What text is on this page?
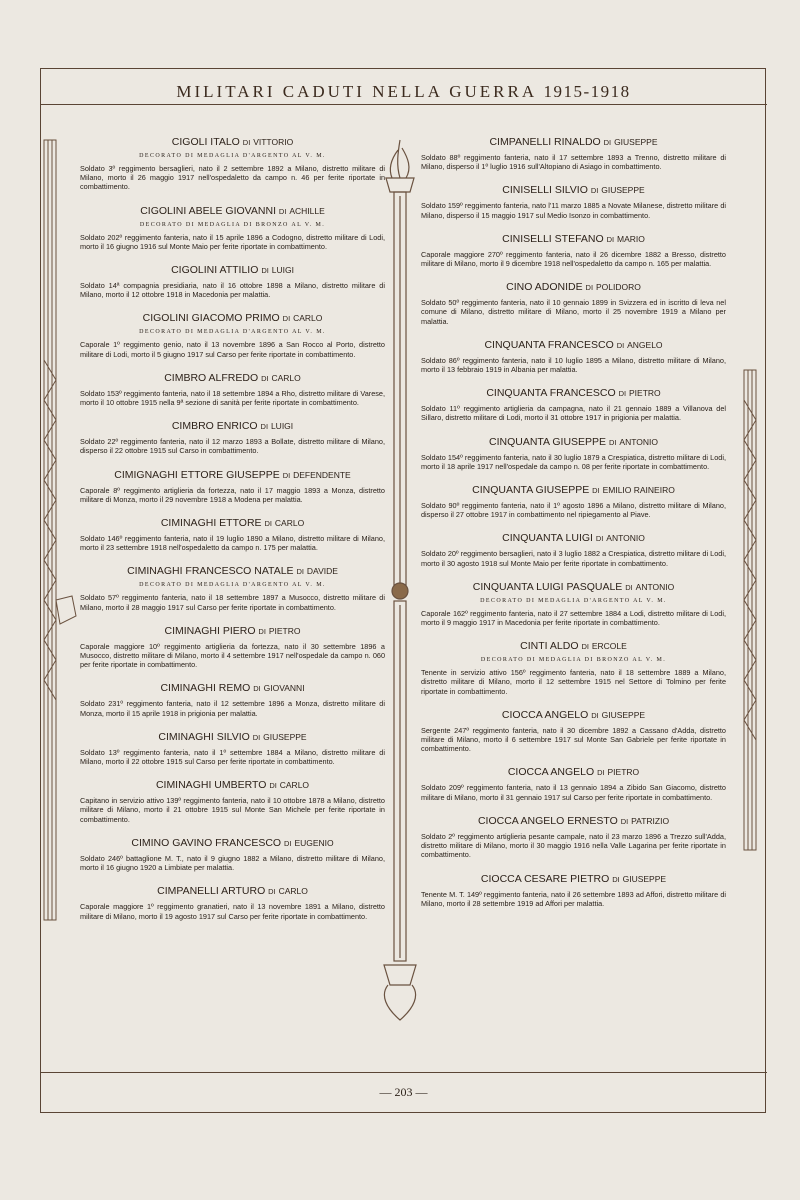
MILITARI CADUTI NELLA GUERRA 1915-1918

CIGOLI ITALO DI VITTORIO

DECORATO DI MEDAGLIA D'ARGENTO AL V. M.

Soldato 3º reggimento bersaglieri, nato il 2 settembre 1892 a Milano, distretto militare di Milano, morto il 26 maggio 1917 nell'ospedaletto da campo n. 46 per ferite riportate in combattimento.

CIGOLINI ABELE GIOVANNI DI ACHILLE

DECORATO DI MEDAGLIA DI BRONZO AL V. M.

Soldato 202º reggimento fanteria, nato il 15 aprile 1896 a Codogno, distretto militare di Lodi, morto il 16 giugno 1916 sul Monte Maio per ferite riportate in combattimento.

CIGOLINI ATTILIO DI LUIGI

Soldato 14ª compagnia presidiaria, nato il 16 ottobre 1898 a Milano, distretto militare di Milano, morto il 12 ottobre 1918 in Macedonia per malattia.

CIGOLINI GIACOMO PRIMO DI CARLO

DECORATO DI MEDAGLIA D'ARGENTO AL V. M.

Caporale 1º reggimento genio, nato il 13 novembre 1896 a San Rocco al Porto, distretto militare di Lodi, morto il 5 giugno 1917 sul Carso per ferite riportate in combattimento.

CIMBRO ALFREDO DI CARLO

Soldato 153º reggimento fanteria, nato il 18 settembre 1894 a Rho, distretto militare di Varese, morto il 10 ottobre 1915 nella 9ª sezione di sanità per ferite riportate in combattimento.

CIMBRO ENRICO DI LUIGI

Soldato 22º reggimento fanteria, nato il 12 marzo 1893 a Bollate, distretto militare di Milano, disperso il 22 ottobre 1915 sul Carso in combattimento.

CIMIGNAGHI ETTORE GIUSEPPE DI DEFENDENTE

Caporale 8º reggimento artiglieria da fortezza, nato il 17 maggio 1893 a Monza, distretto militare di Monza, morto il 29 novembre 1918 a Modena per malattia.

CIMINAGHI ETTORE DI CARLO

Soldato 146º reggimento fanteria, nato il 19 luglio 1890 a Milano, distretto militare di Milano, morto il 23 settembre 1918 nell'ospedaletto da campo n. 175 per malattia.

CIMINAGHI FRANCESCO NATALE DI DAVIDE

DECORATO DI MEDAGLIA D'ARGENTO AL V. M.

Soldato 57º reggimento fanteria, nato il 18 settembre 1897 a Musocco, distretto militare di Milano, morto il 28 maggio 1917 sul Carso per ferite riportate in combattimento.

CIMINAGHI PIERO DI PIETRO

Caporale maggiore 10º reggimento artiglieria da fortezza, nato il 30 settembre 1896 a Musocco, distretto militare di Milano, morto il 4 settembre 1917 nell'ospedale da campo n. 060 per ferite riportate in combattimento.

CIMINAGHI REMO DI GIOVANNI

Soldato 231º reggimento fanteria, nato il 12 settembre 1896 a Monza, distretto militare di Monza, morto il 15 aprile 1918 in prigionia per malattia.

CIMINAGHI SILVIO DI GIUSEPPE

Soldato 13º reggimento fanteria, nato il 1º settembre 1884 a Milano, distretto militare di Milano, morto il 22 ottobre 1915 sul Carso per ferite riportate in combattimento.

CIMINAGHI UMBERTO DI CARLO

Capitano in servizio attivo 139º reggimento fanteria, nato il 10 ottobre 1878 a Milano, distretto militare di Milano, morto il 21 ottobre 1915 sul Monte San Michele per ferite riportate in combattimento.

CIMINO GAVINO FRANCESCO DI EUGENIO

Soldato 246º battaglione M. T., nato il 9 giugno 1882 a Milano, distretto militare di Milano, morto il 16 giugno 1920 a Limbiate per malattia.

CIMPANELLI ARTURO DI CARLO

Caporale maggiore 1º reggimento granatieri, nato il 13 novembre 1891 a Milano, distretto militare di Milano, morto il 19 agosto 1917 sul Carso per ferite riportate in combattimento.

CIMPANELLI RINALDO DI GIUSEPPE

Soldato 88º reggimento fanteria, nato il 17 settembre 1893 a Trenno, distretto militare di Milano, disperso il 1º luglio 1916 sull'Altopiano di Asiago in combattimento.

CINISELLI SILVIO DI GIUSEPPE

Soldato 159º reggimento fanteria, nato l'11 marzo 1885 a Novate Milanese, distretto militare di Milano, disperso il 15 maggio 1917 sul Medio Isonzo in combattimento.

CINISELLI STEFANO DI MARIO

Caporale maggiore 270º reggimento fanteria, nato il 26 dicembre 1882 a Bresso, distretto militare di Milano, morto il 9 dicembre 1918 nell'ospedaletto da campo n. 165 per malattia.

CINO ADONIDE DI POLIDORO

Soldato 50º reggimento fanteria, nato il 10 gennaio 1899 in Svizzera ed in iscritto di leva nel comune di Milano, distretto militare di Milano, morto il 25 novembre 1919 a Milano per malattia.

CINQUANTA FRANCESCO DI ANGELO

Soldato 86º reggimento fanteria, nato il 10 luglio 1895 a Milano, distretto militare di Milano, morto il 13 febbraio 1919 in Albania per malattia.

CINQUANTA FRANCESCO DI PIETRO

Soldato 11º reggimento artiglieria da campagna, nato il 21 gennaio 1889 a Villanova del Sillaro, distretto militare di Lodi, morto il 31 ottobre 1917 in prigionia per malattia.

CINQUANTA GIUSEPPE DI ANTONIO

Soldato 154º reggimento fanteria, nato il 30 luglio 1879 a Crespiatica, distretto militare di Lodi, morto il 18 aprile 1917 nell'ospedale da campo n. 08 per ferite riportate in combattimento.

CINQUANTA GIUSEPPE DI EMILIO RAINEIRO

Soldato 90º reggimento fanteria, nato il 1º agosto 1896 a Milano, distretto militare di Milano, disperso il 27 ottobre 1917 in combattimento nel ripiegamento al Piave.

CINQUANTA LUIGI DI ANTONIO

Soldato 20º reggimento bersaglieri, nato il 3 luglio 1882 a Crespiatica, distretto militare di Lodi, morto il 30 agosto 1918 sul Monte Maio per ferite riportate in combattimento.

CINQUANTA LUIGI PASQUALE DI ANTONIO

DECORATO DI MEDAGLIA D'ARGENTO AL V. M.

Caporale 162º reggimento fanteria, nato il 27 settembre 1884 a Lodi, distretto militare di Lodi, morto il 9 maggio 1917 in Macedonia per ferite riportate in combattimento.

CINTI ALDO DI ERCOLE

DECORATO DI MEDAGLIA DI BRONZO AL V. M.

Tenente in servizio attivo 156º reggimento fanteria, nato il 18 settembre 1889 a Milano, distretto militare di Milano, morto il 12 settembre 1915 nel Settore di Tolmino per ferite riportate in combattimento.

CIOCCA ANGELO DI GIUSEPPE

Sergente 247º reggimento fanteria, nato il 30 dicembre 1892 a Cassano d'Adda, distretto militare di Milano, morto il 6 settembre 1917 sul Monte San Gabriele per ferite riportate in combattimento.

CIOCCA ANGELO DI PIETRO

Soldato 209º reggimento fanteria, nato il 13 gennaio 1894 a Zibido San Giacomo, distretto militare di Milano, morto il 31 gennaio 1917 sul Carso per ferite riportate in combattimento.

CIOCCA ANGELO ERNESTO DI PATRIZIO

Soldato 2º reggimento artiglieria pesante campale, nato il 23 marzo 1896 a Trezzo sull'Adda, distretto militare di Milano, morto il 30 maggio 1916 nella Valle Lagarina per ferite riportate in combattimento.

CIOCCA CESARE PIETRO DI GIUSEPPE

Tenente M. T. 149º reggimento fanteria, nato il 26 settembre 1893 ad Affori, distretto militare di Milano, morto il 28 settembre 1919 ad Affori per malattia.

— 203 —
